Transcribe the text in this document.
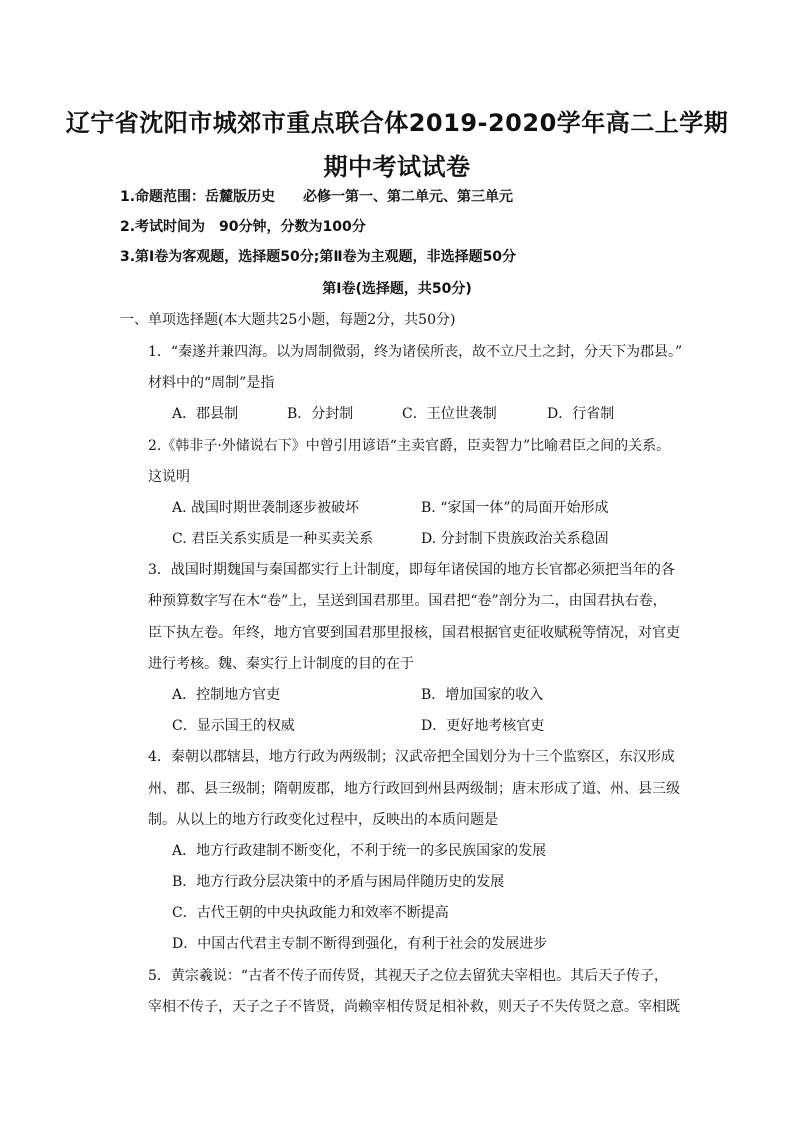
辽宁省沈阳市城郊市重点联合体2019-2020学年高二上学期
期中考试试卷
1.命题范围：岳麓版历史　　必修一第一、第二单元、第三单元
2.考试时间为　90分钟，分数为100分
3.第Ⅰ卷为客观题，选择题50分;第Ⅱ卷为主观题，非选择题50分
第Ⅰ卷(选择题，共50分)
一、单项选择题(本大题共25小题，每题2分，共50分)
1．“秦遂并兼四海。以为周制微弱，终为诸侯所丧，故不立尺土之封，分天下为郡县。”
材料中的“周制”是指
A．郡县制	B．分封制	C．王位世袭制	D．行省制
2.《韩非子·外储说右下》中曾引用谚语“主卖官爵，臣卖智力”比喻君臣之间的关系。
这说明
A. 战国时期世袭制逐步被破坏	B. “家国一体”的局面开始形成
C. 君臣关系实质是一种买卖关系	D. 分封制下贵族政治关系稳固
3．战国时期魏国与秦国都实行上计制度，即每年诸侯国的地方长官都必须把当年的各
种预算数字写在木“卷”上，呈送到国君那里。国君把“卷”剖分为二，由国君执右卷，
臣下执左卷。年终，地方官要到国君那里报核，国君根据官吏征收赋税等情况，对官吏
进行考核。魏、秦实行上计制度的目的在于
A．控制地方官吏	B．增加国家的收入
C．显示国王的权威	D．更好地考核官吏
4．秦朝以郡辖县，地方行政为两级制；汉武帝把全国划分为十三个监察区，东汉形成
州、郡、县三级制；隋朝废郡，地方行政回到州县两级制；唐末形成了道、州、县三级
制。从以上的地方行政变化过程中，反映出的本质问题是
A．地方行政建制不断变化，不利于统一的多民族国家的发展
B．地方行政分层决策中的矛盾与困局伴随历史的发展
C．古代王朝的中央执政能力和效率不断提高
D．中国古代君主专制不断得到强化，有利于社会的发展进步
5．黄宗羲说：“古者不传子而传贤，其视天子之位去留犹夫宰相也。其后天子传子，
宰相不传子，天子之子不皆贤，尚赖宰相传贤足相补救，则天子不失传贤之意。宰相既
